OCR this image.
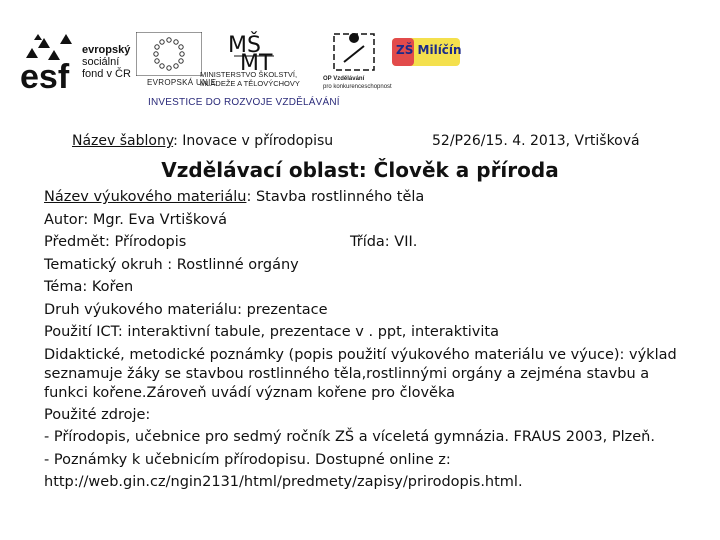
esf
evropský
sociální
fond v ČR
MŠ
MT
EVROPSKÁ UNIE
MINISTERSTVO ŠKOLSTVÍ,
MLÁDEŽE A TĚLOVÝCHOVY	OP Vzdělávání
pro konkurenceschopnost
INVESTICE DO ROZVOJE VZDĚLÁVÁNÍ
ZŠ Milíčín
Název šablony: Inovace v přírodopisu	52/P26/15. 4. 2013, Vrtišková
Vzdělávací oblast: Člověk a příroda
Název výukového materiálu: Stavba rostlinného těla
Autor: Mgr. Eva Vrtišková
Předmět: Přírodopis	Třída: VII.
Tematický okruh : Rostlinné orgány
Téma: Kořen
Druh výukového materiálu: prezentace
Použití ICT: interaktivní tabule, prezentace v . ppt, interaktivita
Didaktické, metodické poznámky (popis použití výukového materiálu ve výuce): výklad seznamuje žáky se stavbou rostlinného těla,rostlinnými orgány a zejména stavbu a funkci kořene.Zároveň uvádí význam kořene pro člověka
Použité zdroje:
- Přírodopis, učebnice pro sedmý ročník ZŠ a víceletá gymnázia. FRAUS 2003, Plzeň.
- Poznámky k učebnicím přírodopisu. Dostupné online z:
http://web.gin.cz/ngin2131/html/predmety/zapisy/prirodopis.html.
